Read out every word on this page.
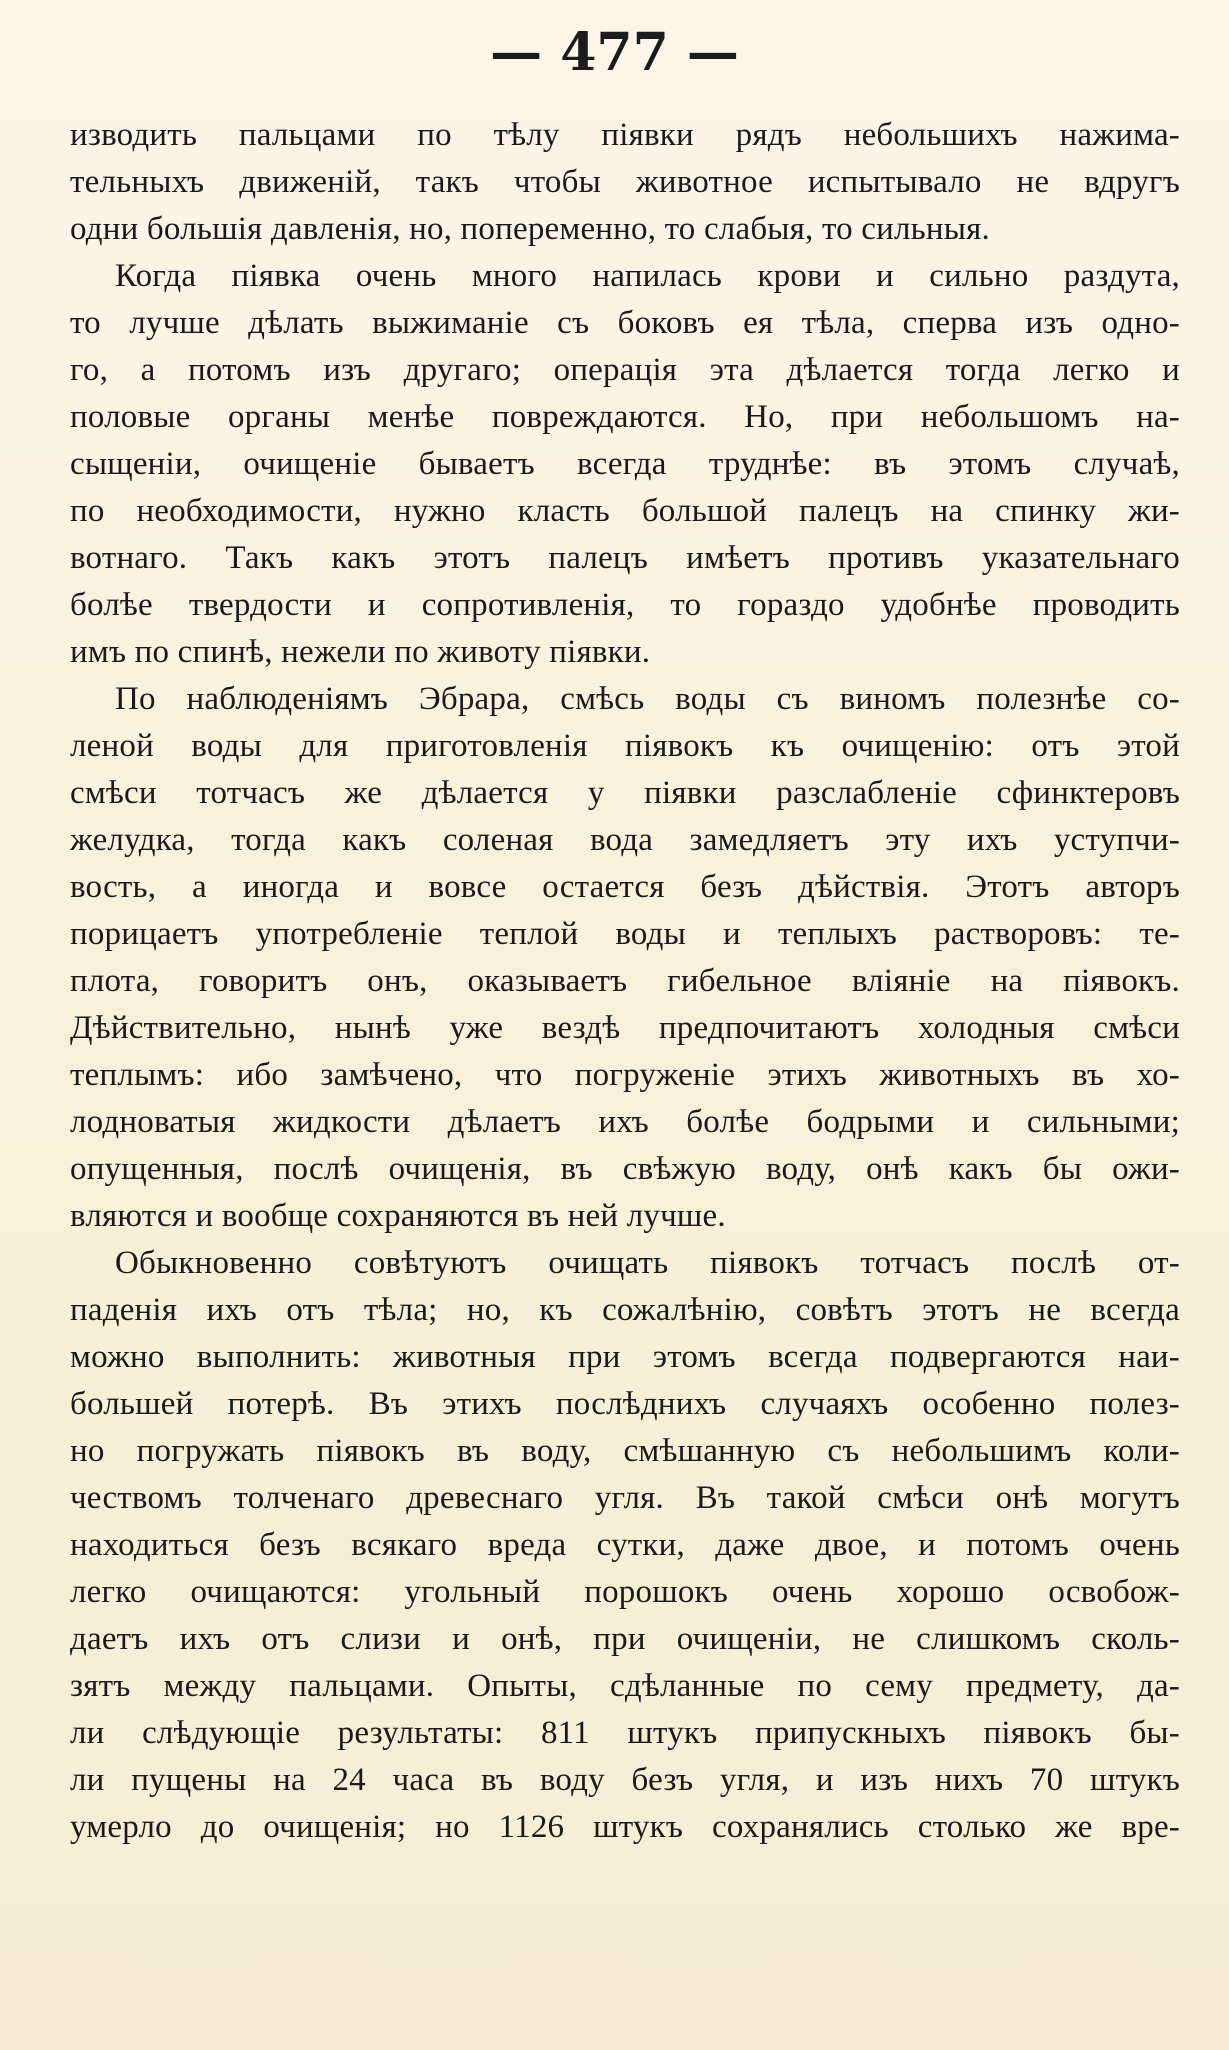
— 477 —
изводить пальцами по тѣлу піявки рядъ небольшихъ нажима-
тельныхъ движеній, такъ чтобы животное испытывало не вдругъ
одни большія давленія, но, попеременно, то слабыя, то сильныя.
Когда піявка очень много напилась крови и сильно раздута,
то лучше дѣлать выжиманіе съ боковъ ея тѣла, сперва изъ одно-
го, а потомъ изъ другаго; операція эта дѣлается тогда легко и
половые органы менѣе повреждаются. Но, при небольшомъ на-
сыщеніи, очищеніе бываетъ всегда труднѣе: въ этомъ случаѣ,
по необходимости, нужно класть большой палецъ на спинку жи-
вотнаго. Такъ какъ этотъ палецъ имѣетъ противъ указательнаго
болѣе твердости и сопротивленія, то гораздо удобнѣе проводить
имъ по спинѣ, нежели по животу піявки.
По наблюденіямъ Эбрара, смѣсь воды съ виномъ полезнѣе со-
леной воды для приготовленія піявокъ къ очищенію: отъ этой
смѣси тотчасъ же дѣлается у піявки разслабленіе сфинктеровъ
желудка, тогда какъ соленая вода замедляетъ эту ихъ уступчи-
вость, а иногда и вовсе остается безъ дѣйствія. Этотъ авторъ
порицаетъ употребленіе теплой воды и теплыхъ растворовъ: те-
плота, говоритъ онъ, оказываетъ гибельное вліяніе на піявокъ.
Дѣйствительно, нынѣ уже вездѣ предпочитаютъ холодныя смѣси
теплымъ: ибо замѣчено, что погруженіе этихъ животныхъ въ хо-
лодноватыя жидкости дѣлаетъ ихъ болѣе бодрыми и сильными;
опущенныя, послѣ очищенія, въ свѣжую воду, онѣ какъ бы ожи-
вляются и вообще сохраняются въ ней лучше.
Обыкновенно совѣтуютъ очищать піявокъ тотчасъ послѣ от-
паденія ихъ отъ тѣла; но, къ сожалѣнію, совѣтъ этотъ не всегда
можно выполнить: животныя при этомъ всегда подвергаются наи-
большей потерѣ. Въ этихъ послѣднихъ случаяхъ особенно полез-
но погружать піявокъ въ воду, смѣшанную съ небольшимъ коли-
чествомъ толченаго древеснаго угля. Въ такой смѣси онѣ могутъ
находиться безъ всякаго вреда сутки, даже двое, и потомъ очень
легко очищаются: угольный порошокъ очень хорошо освобож-
даетъ ихъ отъ слизи и онѣ, при очищеніи, не слишкомъ сколь-
зятъ между пальцами. Опыты, сдѣланные по сему предмету, да-
ли слѣдующіе результаты: 811 штукъ припускныхъ піявокъ бы-
ли пущены на 24 часа въ воду безъ угля, и изъ нихъ 70 штукъ
умерло до очищенія; но 1126 штукъ сохранялись столько же вре-
